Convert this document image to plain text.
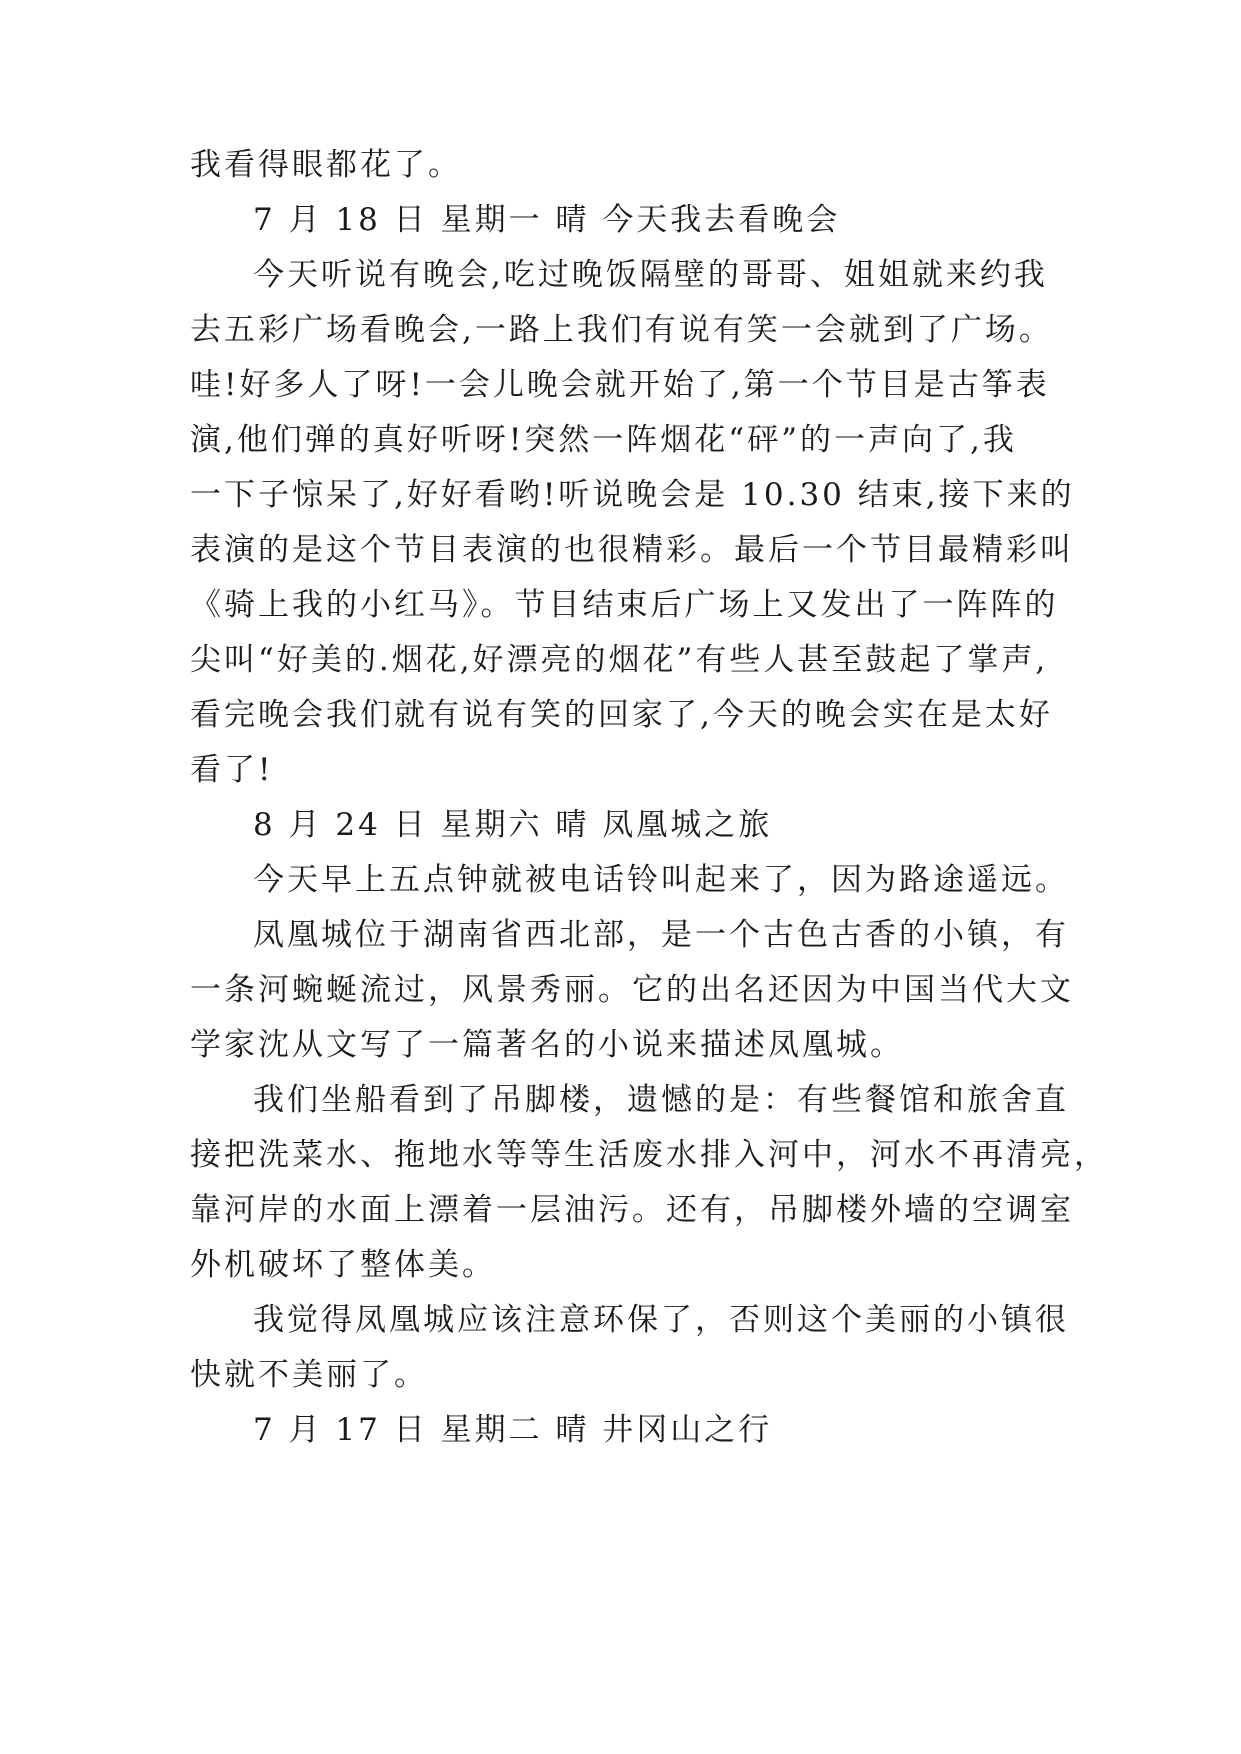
我看得眼都花了。
7 月 18 日 星期一 晴 今天我去看晚会
今天听说有晚会,吃过晚饭隔壁的哥哥、姐姐就来约我
去五彩广场看晚会,一路上我们有说有笑一会就到了广场。
哇!好多人了呀!一会儿晚会就开始了,第一个节目是古筝表
演,他们弹的真好听呀!突然一阵烟花“砰”的一声向了,我
一下子惊呆了,好好看哟!听说晚会是 10.30 结束,接下来的
表演的是这个节目表演的也很精彩。最后一个节目最精彩叫
《骑上我的小红马》。节目结束后广场上又发出了一阵阵的
尖叫“好美的.烟花,好漂亮的烟花”有些人甚至鼓起了掌声,
看完晚会我们就有说有笑的回家了,今天的晚会实在是太好
看了!
8 月 24 日 星期六 晴 凤凰城之旅
今天早上五点钟就被电话铃叫起来了，因为路途遥远。
凤凰城位于湖南省西北部，是一个古色古香的小镇，有
一条河蜿蜒流过，风景秀丽。它的出名还因为中国当代大文
学家沈从文写了一篇著名的小说来描述凤凰城。
我们坐船看到了吊脚楼，遗憾的是：有些餐馆和旅舍直
接把洗菜水、拖地水等等生活废水排入河中，河水不再清亮，
靠河岸的水面上漂着一层油污。还有，吊脚楼外墙的空调室
外机破坏了整体美。
我觉得凤凰城应该注意环保了，否则这个美丽的小镇很
快就不美丽了。
7 月 17 日 星期二 晴 井冈山之行
